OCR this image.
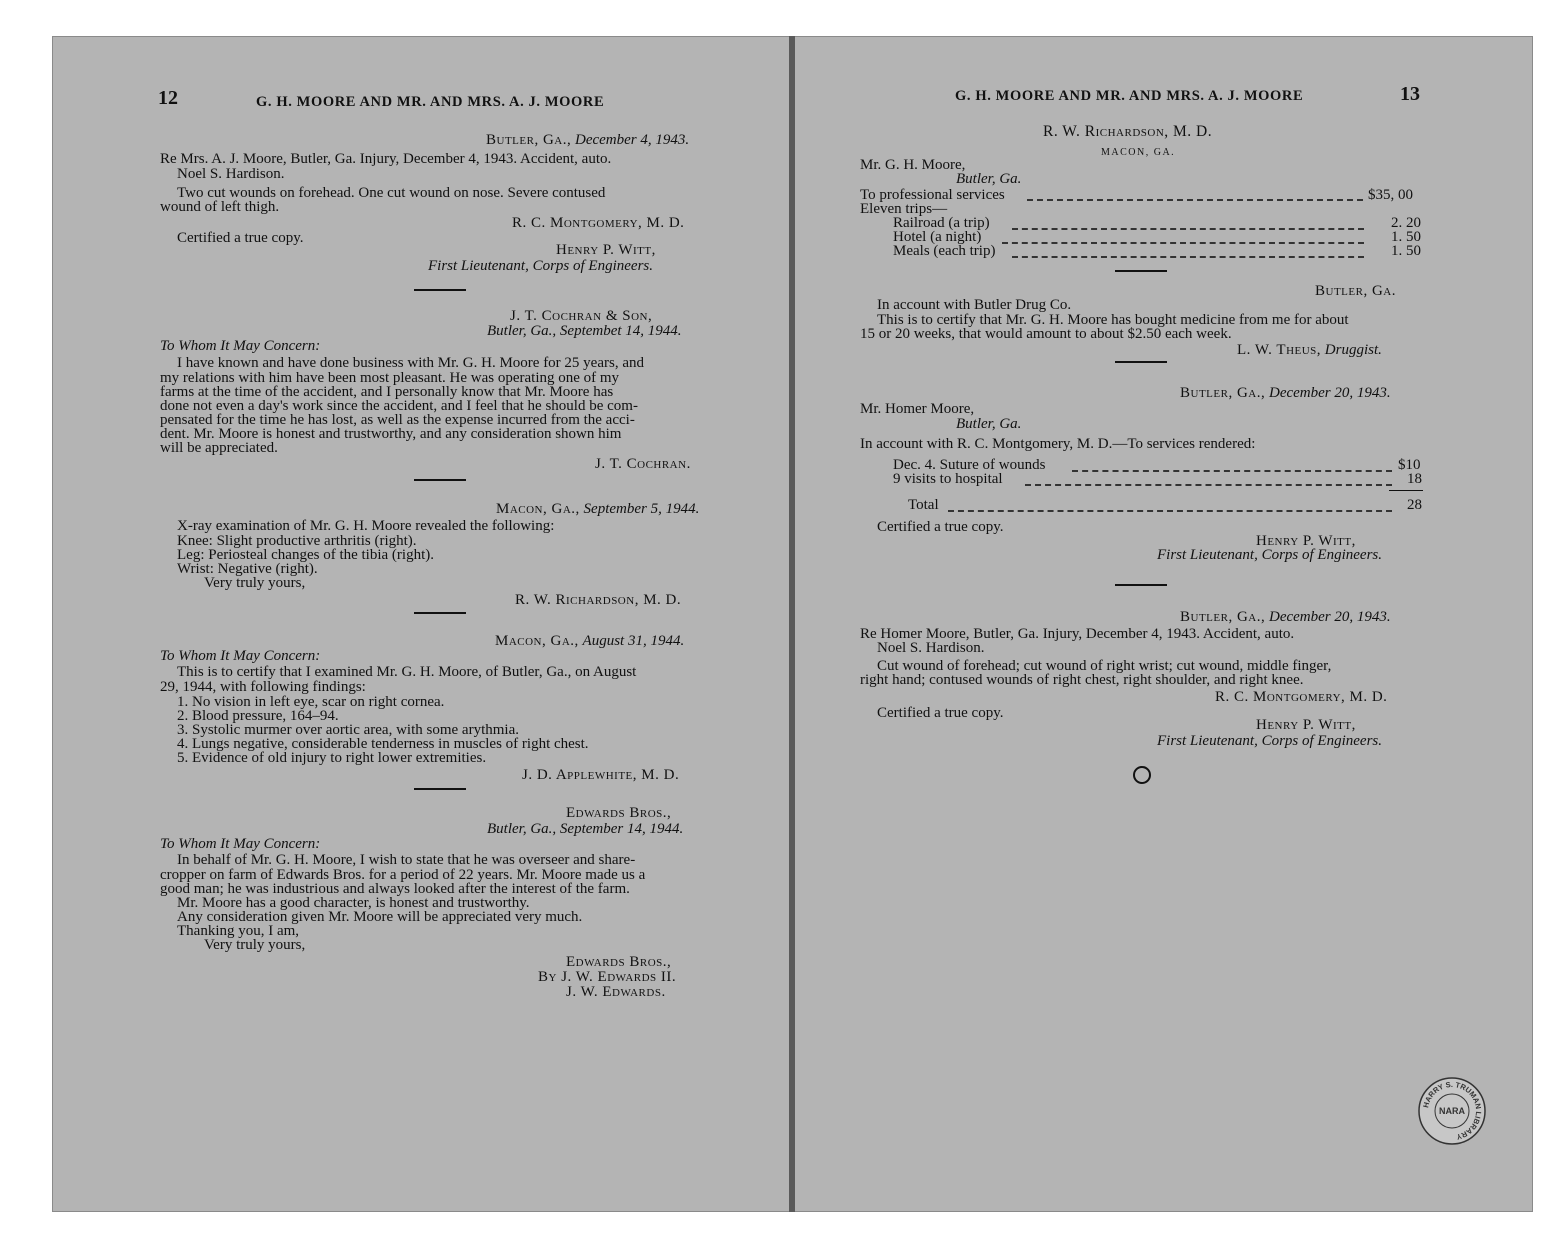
12	G. H. MOORE AND MR. AND MRS. A. J. MOORE
Butler, Ga., December 4, 1943.
Re Mrs. A. J. Moore, Butler, Ga. Injury, December 4, 1943. Accident, auto.
Noel S. Hardison.
Two cut wounds on forehead. One cut wound on nose. Severe contused
wound of left thigh.
R. C. Montgomery, M. D.
Certified a true copy.
Henry P. Witt,
First Lieutenant, Corps of Engineers.
J. T. Cochran & Son,
Butler, Ga., Septembet 14, 1944.
To Whom It May Concern:
I have known and have done business with Mr. G. H. Moore for 25 years, and
my relations with him have been most pleasant. He was operating one of my
farms at the time of the accident, and I personally know that Mr. Moore has
done not even a day's work since the accident, and I feel that he should be com-
pensated for the time he has lost, as well as the expense incurred from the acci-
dent. Mr. Moore is honest and trustworthy, and any consideration shown him
will be appreciated.
J. T. Cochran.
Macon, Ga., September 5, 1944.
X-ray examination of Mr. G. H. Moore revealed the following:
Knee: Slight productive arthritis (right).
Leg: Periosteal changes of the tibia (right).
Wrist: Negative (right).
Very truly yours,
R. W. Richardson, M. D.
Macon, Ga., August 31, 1944.
To Whom It May Concern:
This is to certify that I examined Mr. G. H. Moore, of Butler, Ga., on August
29, 1944, with following findings:
1. No vision in left eye, scar on right cornea.
2. Blood pressure, 164–94.
3. Systolic murmer over aortic area, with some arythmia.
4. Lungs negative, considerable tenderness in muscles of right chest.
5. Evidence of old injury to right lower extremities.
J. D. Applewhite, M. D.
Edwards Bros.,
Butler, Ga., September 14, 1944.
To Whom It May Concern:
In behalf of Mr. G. H. Moore, I wish to state that he was overseer and share-
cropper on farm of Edwards Bros. for a period of 22 years. Mr. Moore made us a
good man; he was industrious and always looked after the interest of the farm.
Mr. Moore has a good character, is honest and trustworthy.
Any consideration given Mr. Moore will be appreciated very much.
Thanking you, I am,
Very truly yours,
Edwards Bros.,
By J. W. Edwards II.
J. W. Edwards.
G. H. MOORE AND MR. AND MRS. A. J. MOORE	13
R. W. Richardson, M. D.
MACON, GA.
Mr. G. H. Moore,
Butler, Ga.
To professional services	$35, 00
Eleven trips—
Railroad (a trip)	2. 20
Hotel (a night)	1. 50
Meals (each trip)	1. 50
Butler, Ga.
In account with Butler Drug Co.
This is to certify that Mr. G. H. Moore has bought medicine from me for about
15 or 20 weeks, that would amount to about $2.50 each week.
L. W. Theus, Druggist.
Butler, Ga., December 20, 1943.
Mr. Homer Moore,
Butler, Ga.
In account with R. C. Montgomery, M. D.—To services rendered:
Dec. 4. Suture of wounds	$10
9 visits to hospital	18
Total	28
Certified a true copy.
Henry P. Witt,
First Lieutenant, Corps of Engineers.
Butler, Ga., December 20, 1943.
Re Homer Moore, Butler, Ga. Injury, December 4, 1943. Accident, auto.
Noel S. Hardison.
Cut wound of forehead; cut wound of right wrist; cut wound, middle finger,
right hand; contused wounds of right chest, right shoulder, and right knee.
R. C. Montgomery, M. D.
Certified a true copy.
Henry P. Witt,
First Lieutenant, Corps of Engineers.
HARRY S. TRUMAN LIBRARY
NARA
